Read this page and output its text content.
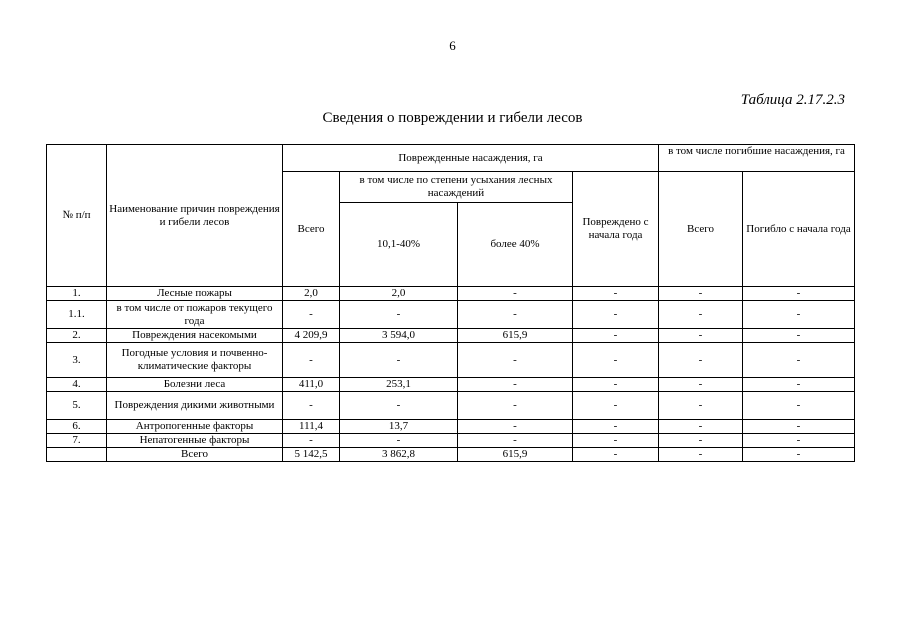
6
Таблица 2.17.2.3
Сведения о повреждении и гибели лесов
№ п/п	Наименование причин повреждения и гибели лесов	Поврежденные насаждения, га				в том числе погибшие насаждения, га	
		Всего	в том числе по степени усыхания лесных насаждений		Повреждено с начала года	Всего	Погибло с начала года
			10,1-40%	более 40%			
1.	Лесные пожары	2,0	2,0	-	-	-	-
1.1.	в том числе от пожаров текущего года	-	-	-	-	-	-
2.	Повреждения насекомыми	4 209,9	3 594,0	615,9	-	-	-
3.	Погодные условия и почвенно-климатические факторы	-	-	-	-	-	-
4.	Болезни леса	411,0	253,1	-	-	-	-
5.	Повреждения дикими животными	-	-	-	-	-	-
6.	Антропогенные факторы	111,4	13,7	-	-	-	-
7.	Непатогенные факторы	-	-	-	-	-	-
	Всего	5 142,5	3 862,8	615,9	-	-	-
